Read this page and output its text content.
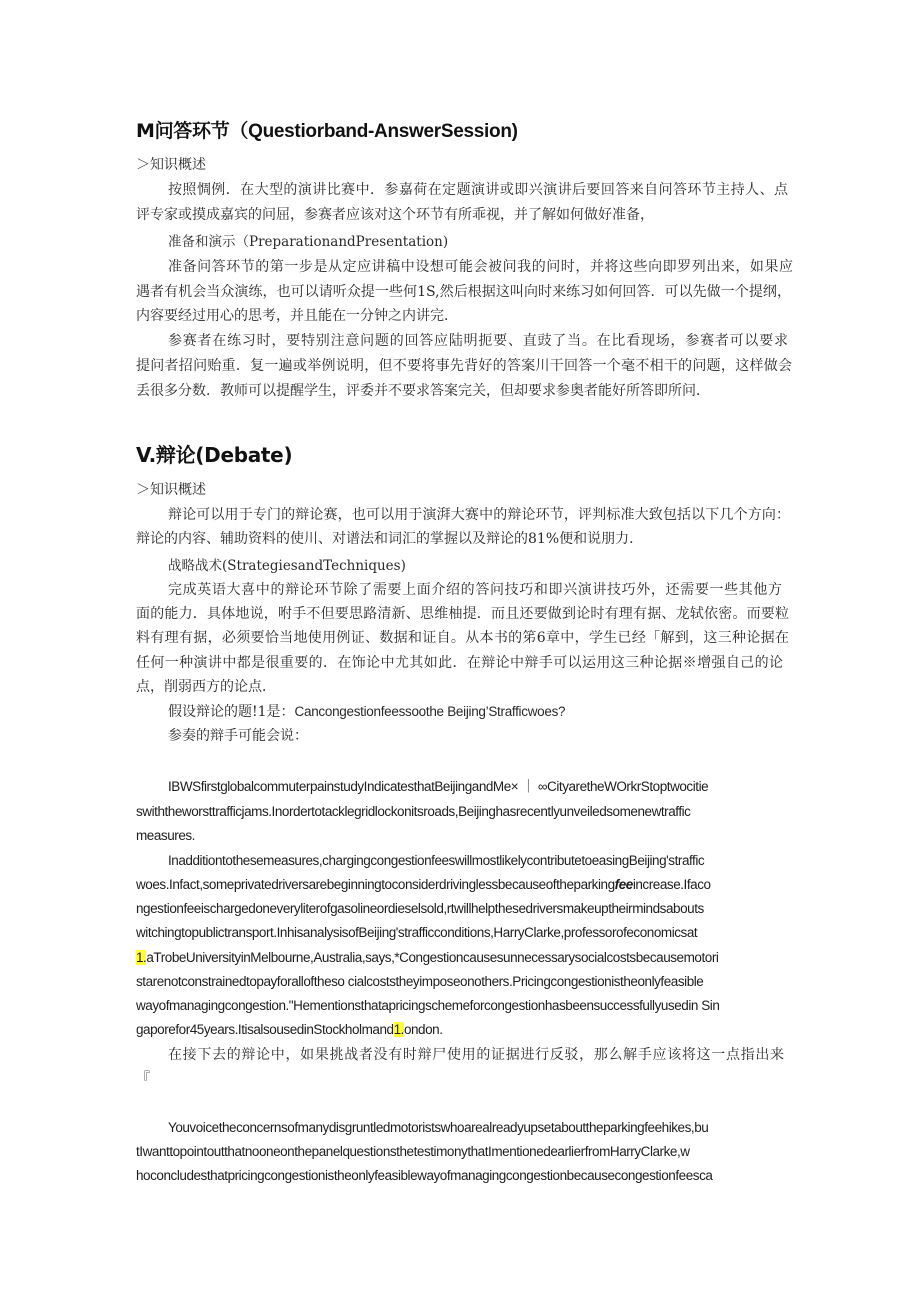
M问答环节（Questiorband-AnswerSession)
＞知识概述
按照惆例．在大型的演讲比赛中．参嘉荷在定题演讲或即兴演讲后要回答来自问答环节主持人、点
评专家或摸成嘉宾的问屈，参赛者应该对这个环节有所乖视，并了解如何做好准备，
准备和演示（PreparationandPresentation)
准备问答环节的第一步是从定应讲稿中设想可能会被问我的问时，并将这些向即罗列出来，如果应
遇者有机会当众演练，也可以请听众提一些何1S,然后根据这叫向时来练习如何回答．可以先做一个提纲，
内容要经过用心的思考，并且能在一分钟之内讲完．
参赛者在练习时，要特别注意问题的回答应陆明扼要、直豉了当。在比看现场，参赛者可以要求
提问者招问贻重．复一遍或举例说明，但不要将事先背好的答案川干回答一个毫不相干的问题，这样做会
丢很多分数．教师可以提醒学生，评委并不要求答案完关，但却要求参奥者能好所答即所问．
V.辩论(Debate)
＞知识概述
辩论可以用于专门的辩论赛，也可以用于演湃大赛中的辩论环节，评判标准大致包括以下几个方向：
辩论的内容、辅助资料的使川、对谱法和词汇的掌握以及辩论的81%便和说朋力．
战略战术(StrategiesandTechniques)
完成英语大喜中的辩论环节除了需要上面介绍的答问技巧和即兴演讲技巧外，还需要一些其他方
面的能力．具体地说，咐手不但要思路清新、思维柚提．而且还要做到论时有理有据、龙轼依密。而要粒
料有理有据，必须要恰当地使用例证、数据和证自。从本书的笫6章中，学生已经「解到，这三种论据在
任何一种演讲中都是很重要的．在饰论中尤其如此．在辩论中辩手可以运用这三种论据※增强自己的论
点，削弱西方的论点．
假设辩论的题!1是：Cancongestionfeessoothe Beijing’Strafficwoes?
参奏的辩手可能会说：
IBWSfirstglobalcommuterpainstudyIndicatesthatBeijingandMe× ｜ ∞CityaretheWOrkrStoptwocitie
swiththeworsttrafficjams.Inordertotacklegridlockonitsroads,Beijinghasrecentlyunveiledsomenewtraffic
measures.
Inadditiontothesemeasures,chargingcongestionfeeswillmostlikelycontributetoeasingBeijing'straffic
woes.Infact,someprivatedriversarebeginningtoconsiderdrivinglessbecauseoftheparkingfeeincrease.Ifaco
ngestionfeeischargedoneveryliterofgasolineordieselsold,rtwillhelpthesedriversmakeuptheirmindsabouts
witchingtopublictransport.InhisanalysisofBeijing'strafficconditions,HarryClarke,professorofeconomicsat
1.aTrobeUniversityinMelbourne,Australia,says,*Congestioncausesunnecessarysocialcostsbecausemotori
starenotconstrainedtopayforalloftheso cialcoststheyimposeonothers.Pricingcongestionistheonlyfeasible
wayofmanagingcongestion."Hementionsthatapricingschemeforcongestionhasbeensuccessfullyusedin Sin
gaporefor45years.ItisalsousedinStockholmand1.ondon.
在接下去的辩论中，如果挑战者没有时辩尸使用的证据进行反驳，那么解手应该将这一点指出来
『
Youvoicetheconcernsofmanydisgruntledmotoristswhoarealreadyupsetabouttheparkingfeehikes,bu
tIwanttopointoutthatnooneonthepanelquestionsthetestimonythatImentionedearlierfromHarryClarke,w
hoconcludesthatpricingcongestionistheonlyfeasiblewayofmanagingcongestionbecausecongestionfeesca
